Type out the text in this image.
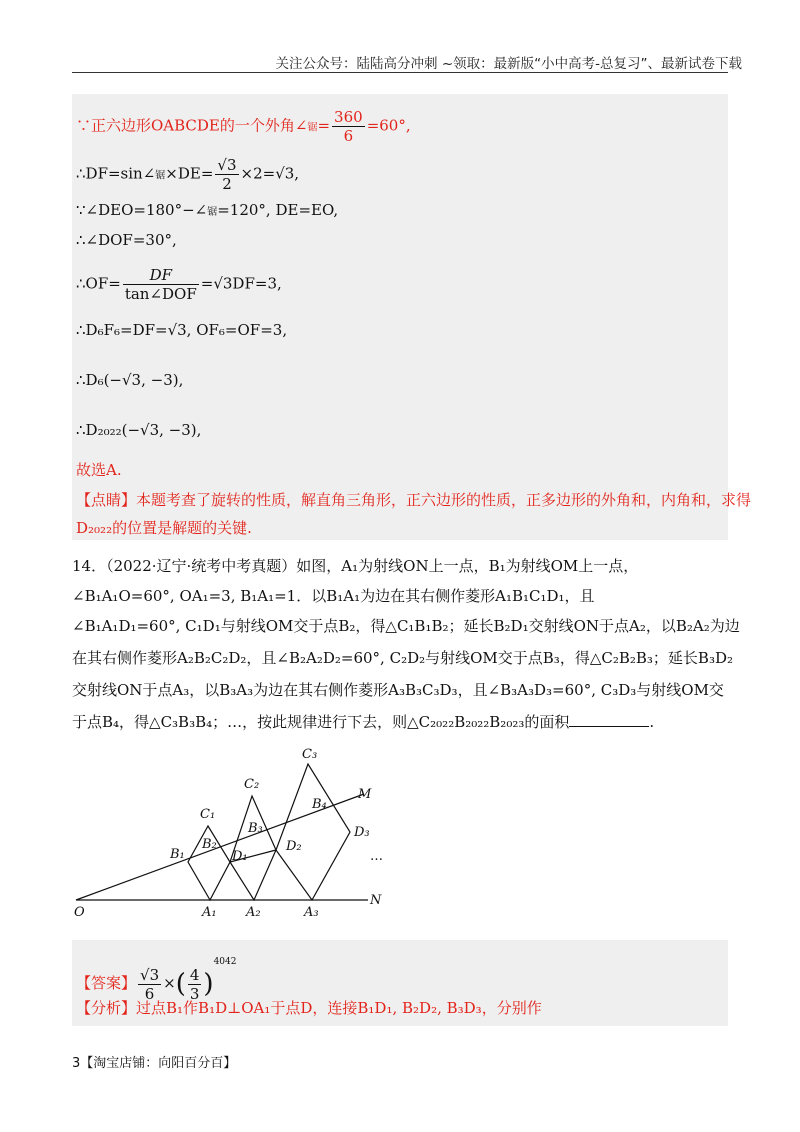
关注公众号：陆陆高分冲刺 ~领取：最新版“小中高考-总复习”、最新试卷下载
∵正六边形OABCDE的一个外角∠锯= $\frac{360}{6} =60^\circ$,
∴DF=sin∠锯$\times DE= \frac{√3}{2} \times 2=√3$,
∵∠DEO=180°−∠锯=120°, DE=EO,
∴∠DOF=30°,
∴OF= $\frac{DF}{\text{tan∠DOF}} =√3DF=3$,
∴D₆F₆=DF=√3, OF₆=OF=3,
∴D₆(−√3, −3),
∴D₂₀₂₂(−√3, −3),
故选A.
【点睛】本题考查了旋转的性质，解直角三角形，正六边形的性质，正多边形的外角和，内角和，求得
D₂₀₂₂的位置是解题的关键.
14．（2022·辽宁·统考中考真题）如图，A₁为射线ON上一点，B₁为射线OM上一点，
∠B₁A₁O=60°, OA₁=3, B₁A₁=1．以B₁A₁为边在其右侧作菱形A₁B₁C₁D₁，且
∠B₁A₁D₁=60°, C₁D₁与射线OM交于点B₂，得△C₁B₁B₂；延长B₂D₁交射线ON于点A₂，以B₂A₂为边
在其右侧作菱形A₂B₂C₂D₂，且∠B₂A₂D₂=60°, C₂D₂与射线OM交于点B₃，得△C₂B₂B₃；延长B₃D₂
交射线ON于点A₃，以B₃A₃为边在其右侧作菱形A₃B₃C₃D₃，且∠B₃A₃D₃=60°, C₃D₃与射线OM交
于点B₄，得△C₃B₃B₄；…，按此规律进行下去，则△C₂₀₂₂B₂₀₂₂B₂₀₂₃的面积	.
O
N
M
A₁ A₂	A₃
B₁
B₂
B₃
B₄
C₁
C₂
C₃
D₁
D₂
D₃
…
【答案】 $\frac{√3}{6}$ ×( $\frac{4}{3} )^{4042}$
【分析】过点B₁作B₁D⊥OA₁于点D，连接B₁D₁, B₂D₂, B₃D₃，分别作
3【淘宝店铺：向阳百分百】
